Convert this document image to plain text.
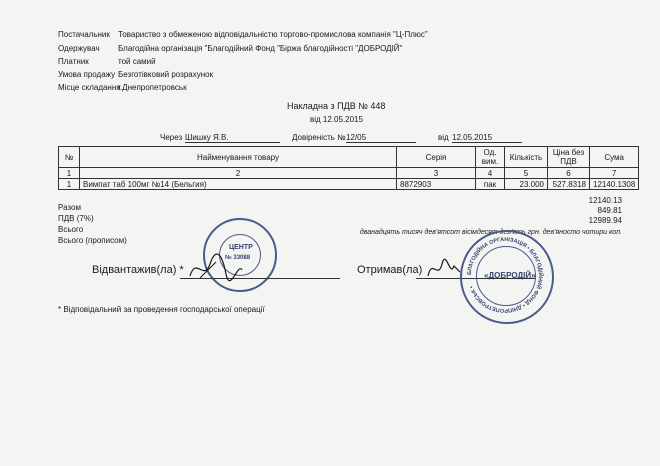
Постачальник Товариство з обмеженою відповідальністю торгово-промислова компанія "Ц-Плюс"
Одержувач Благодійна організація "Благодійний Фонд "Біржа благодійності "ДОБРОДІЙ"
Платник	той самий
Умова продажу Безготівковий розрахунок
Місце складання
г.Днепропетровськ
Накладна з ПДВ № 448
від 12.05.2015
Через Шишку Я.В.	Довіреність № 12/05	від 12.05.2015
№	Найменування товару	Серія	Од. вим.	Кількість	Ціна без ПДВ	Сума
1	2	3	4	5	6	7
1	Вимпат таб 100мг №14 (Бельгия)	8872903	пак	23.000	527.8318	12140.1308
Разом
12140.13
ПДВ (7%)
849.81
Всього
12989.94
Всього (прописом)
дванадцять тисяч дев'ятсот вісімдесят дев'ять грн. дев'яносто чотири коп.
ЦЕНТР
№ 33088
Відвантажив(ла) *	Отримав(ла)	БЛАГОДІЙНА ОРГАНІЗАЦІЯ • БЛАГОДІЙНИЙ ФОНД • ДНІПРОПЕТРОВСЬК •
«ДОБРОДІЙ»
* Відповідальний за проведення господарської операції
